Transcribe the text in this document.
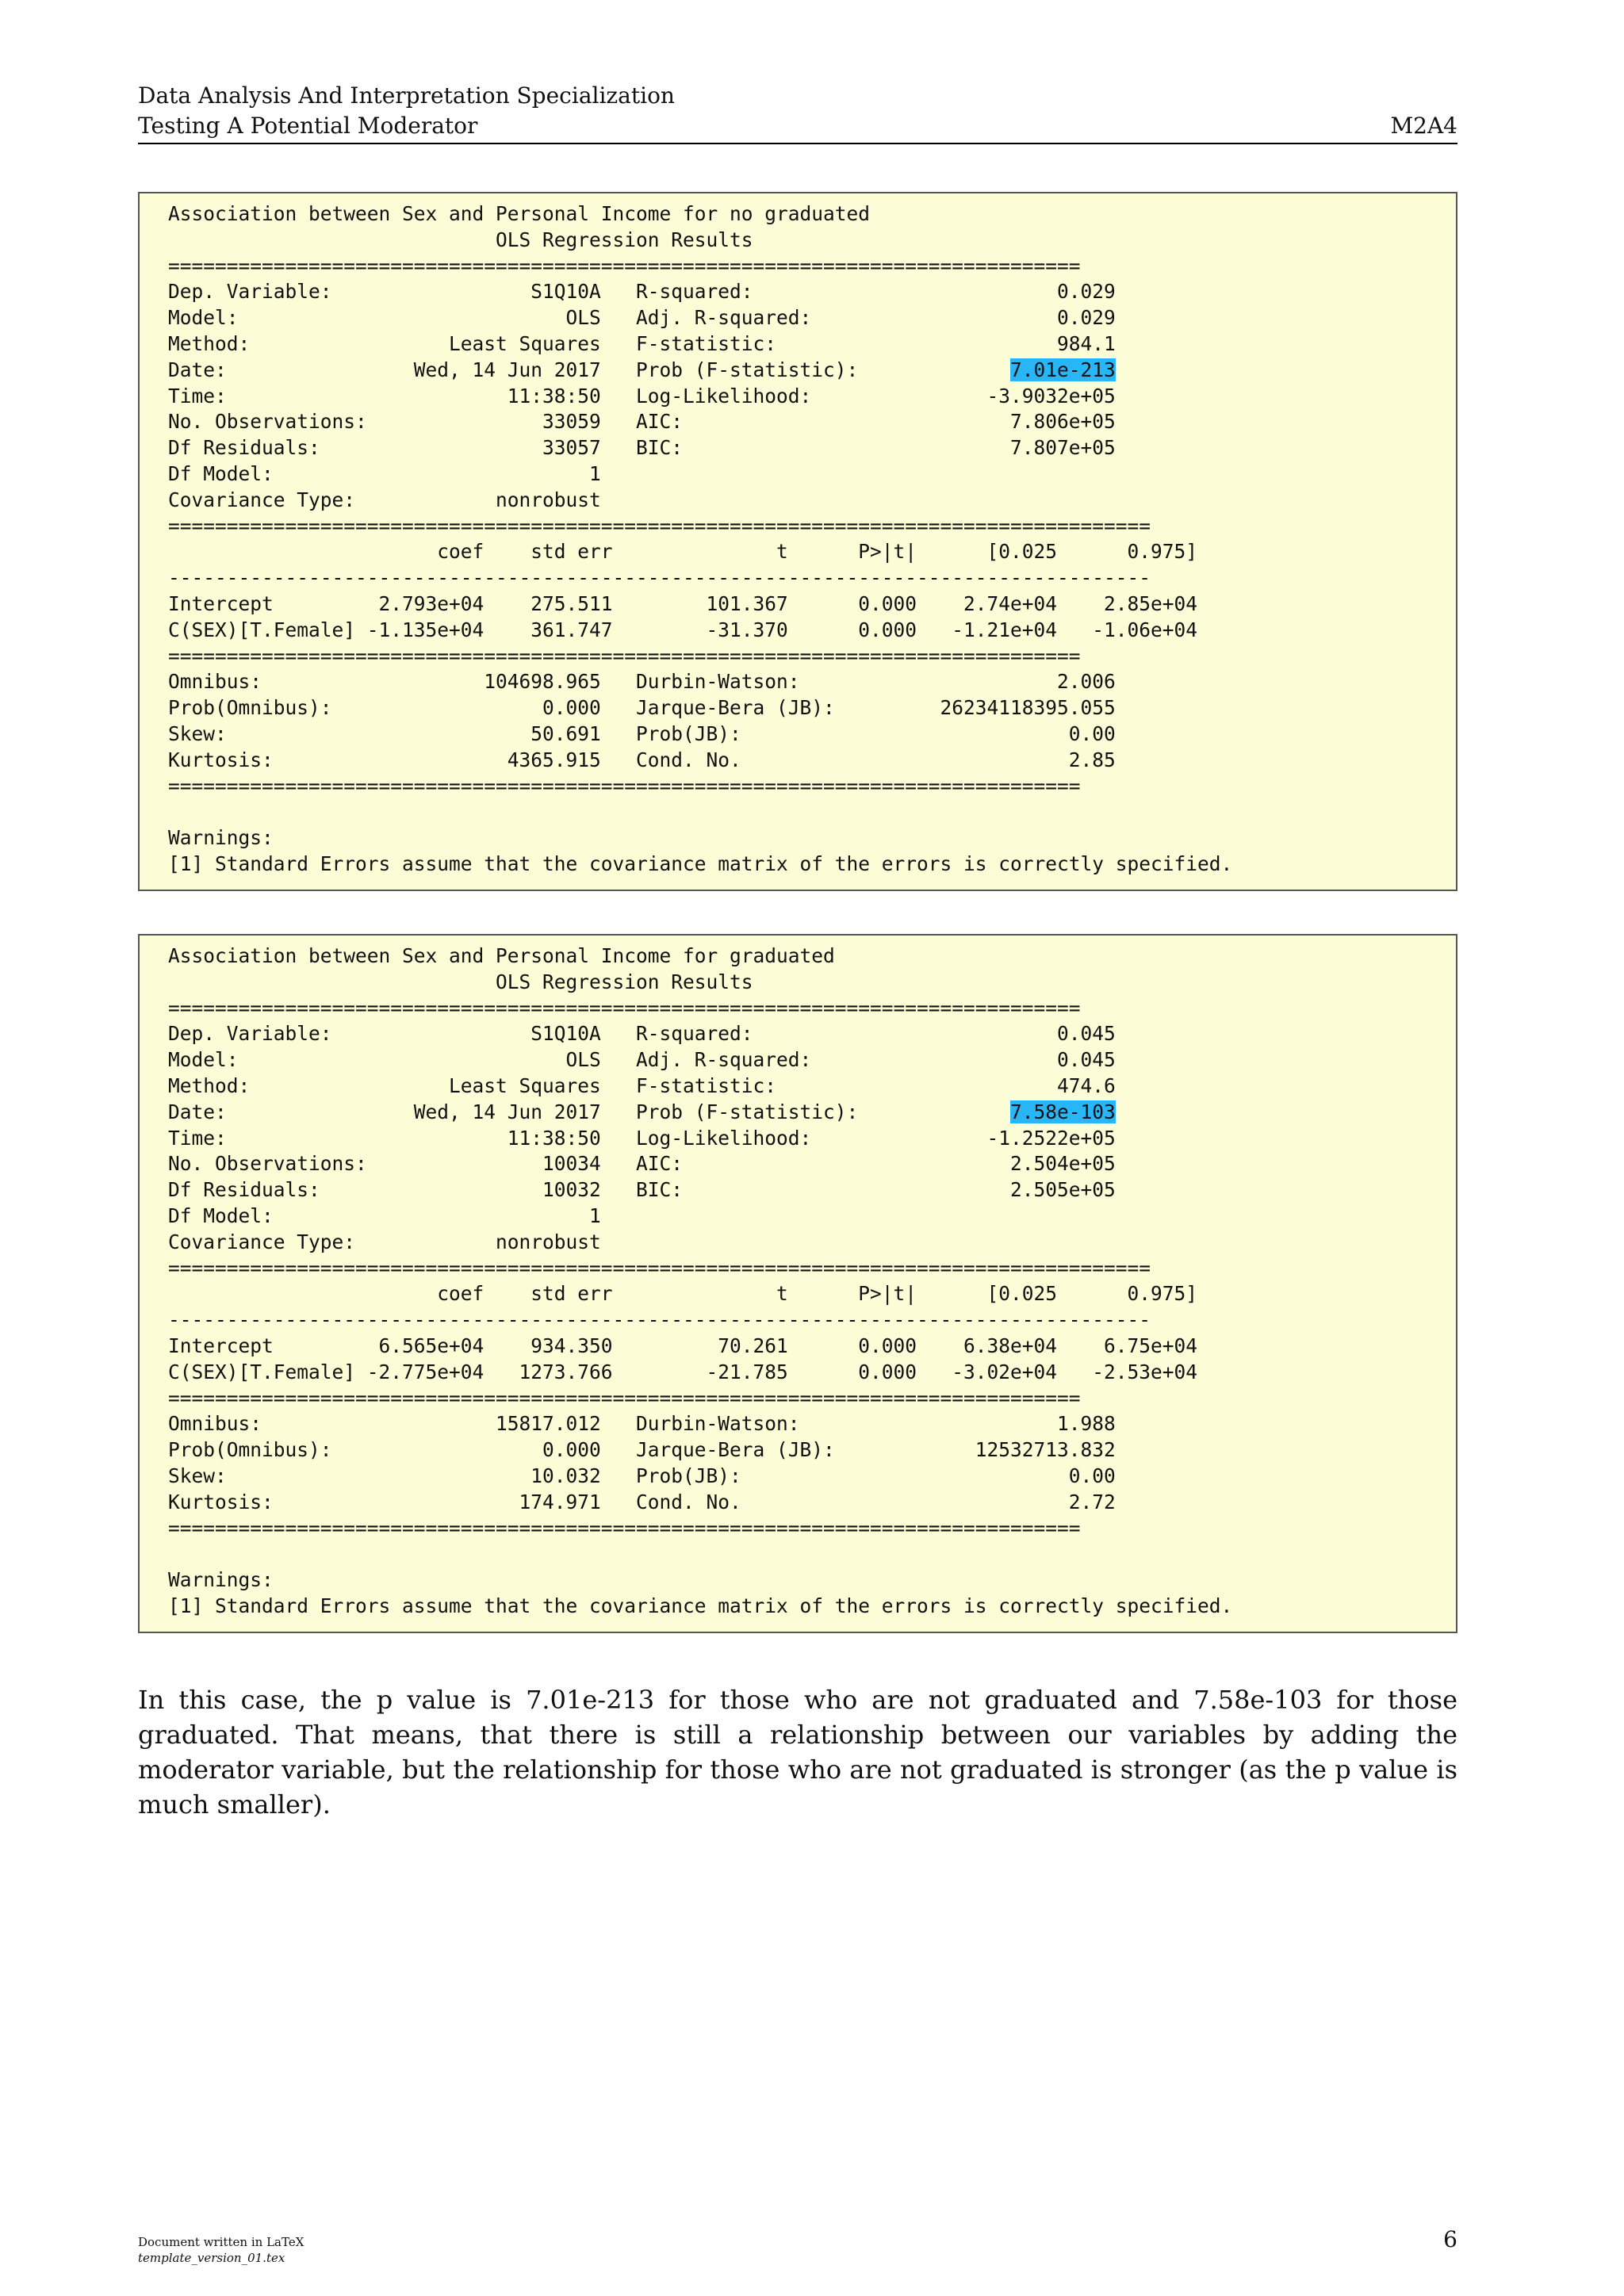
Data Analysis And Interpretation Specialization
Testing A Potential Moderator	M2A4
Association between Sex and Personal Income for no graduated
OLS Regression Results
==============================================================================
Dep. Variable:                 S1Q10A   R-squared:                          0.029
Model:                            OLS   Adj. R-squared:                     0.029
Method:                 Least Squares   F-statistic:                        984.1
Date:                Wed, 14 Jun 2017   Prob (F-statistic):	7.01e-213
Time:                        11:38:50   Log-Likelihood:               -3.9032e+05
No. Observations:               33059   AIC:                            7.806e+05
Df Residuals:                   33057   BIC:                            7.807e+05
Df Model:                           1
Covariance Type:            nonrobust
====================================================================================
coef    std err              t      P>|t|      [0.025      0.975]
------------------------------------------------------------------------------------
Intercept         2.793e+04    275.511        101.367      0.000    2.74e+04    2.85e+04
C(SEX)[T.Female] -1.135e+04    361.747        -31.370      0.000   -1.21e+04   -1.06e+04
==============================================================================
Omnibus:                   104698.965   Durbin-Watson:                      2.006
Prob(Omnibus):                  0.000   Jarque-Bera (JB):         26234118395.055
Skew:                          50.691   Prob(JB):                            0.00
Kurtosis:                    4365.915   Cond. No.                            2.85
==============================================================================

Warnings:
[1] Standard Errors assume that the covariance matrix of the errors is correctly specified.
Association between Sex and Personal Income for graduated
OLS Regression Results
==============================================================================
Dep. Variable:                 S1Q10A   R-squared:                          0.045
Model:                            OLS   Adj. R-squared:                     0.045
Method:                 Least Squares   F-statistic:                        474.6
Date:                Wed, 14 Jun 2017   Prob (F-statistic):	7.58e-103
Time:                        11:38:50   Log-Likelihood:               -1.2522e+05
No. Observations:               10034   AIC:                            2.504e+05
Df Residuals:                   10032   BIC:                            2.505e+05
Df Model:                           1
Covariance Type:            nonrobust
====================================================================================
coef    std err              t      P>|t|      [0.025      0.975]
------------------------------------------------------------------------------------
Intercept         6.565e+04    934.350         70.261      0.000    6.38e+04    6.75e+04
C(SEX)[T.Female] -2.775e+04   1273.766        -21.785      0.000   -3.02e+04   -2.53e+04
==============================================================================
Omnibus:                    15817.012   Durbin-Watson:                      1.988
Prob(Omnibus):                  0.000   Jarque-Bera (JB):            12532713.832
Skew:                          10.032   Prob(JB):                            0.00
Kurtosis:                     174.971   Cond. No.                            2.72
==============================================================================

Warnings:
[1] Standard Errors assume that the covariance matrix of the errors is correctly specified.
In this case, the p value is 7.01e-213 for those who are not graduated and 7.58e-103 for those graduated. That means, that there is still a relationship between our variables by adding the moderator variable, but the relationship for those who are not graduated is stronger (as the p value is much smaller).
Document written in LaTeX
template_version_01.tex
6
